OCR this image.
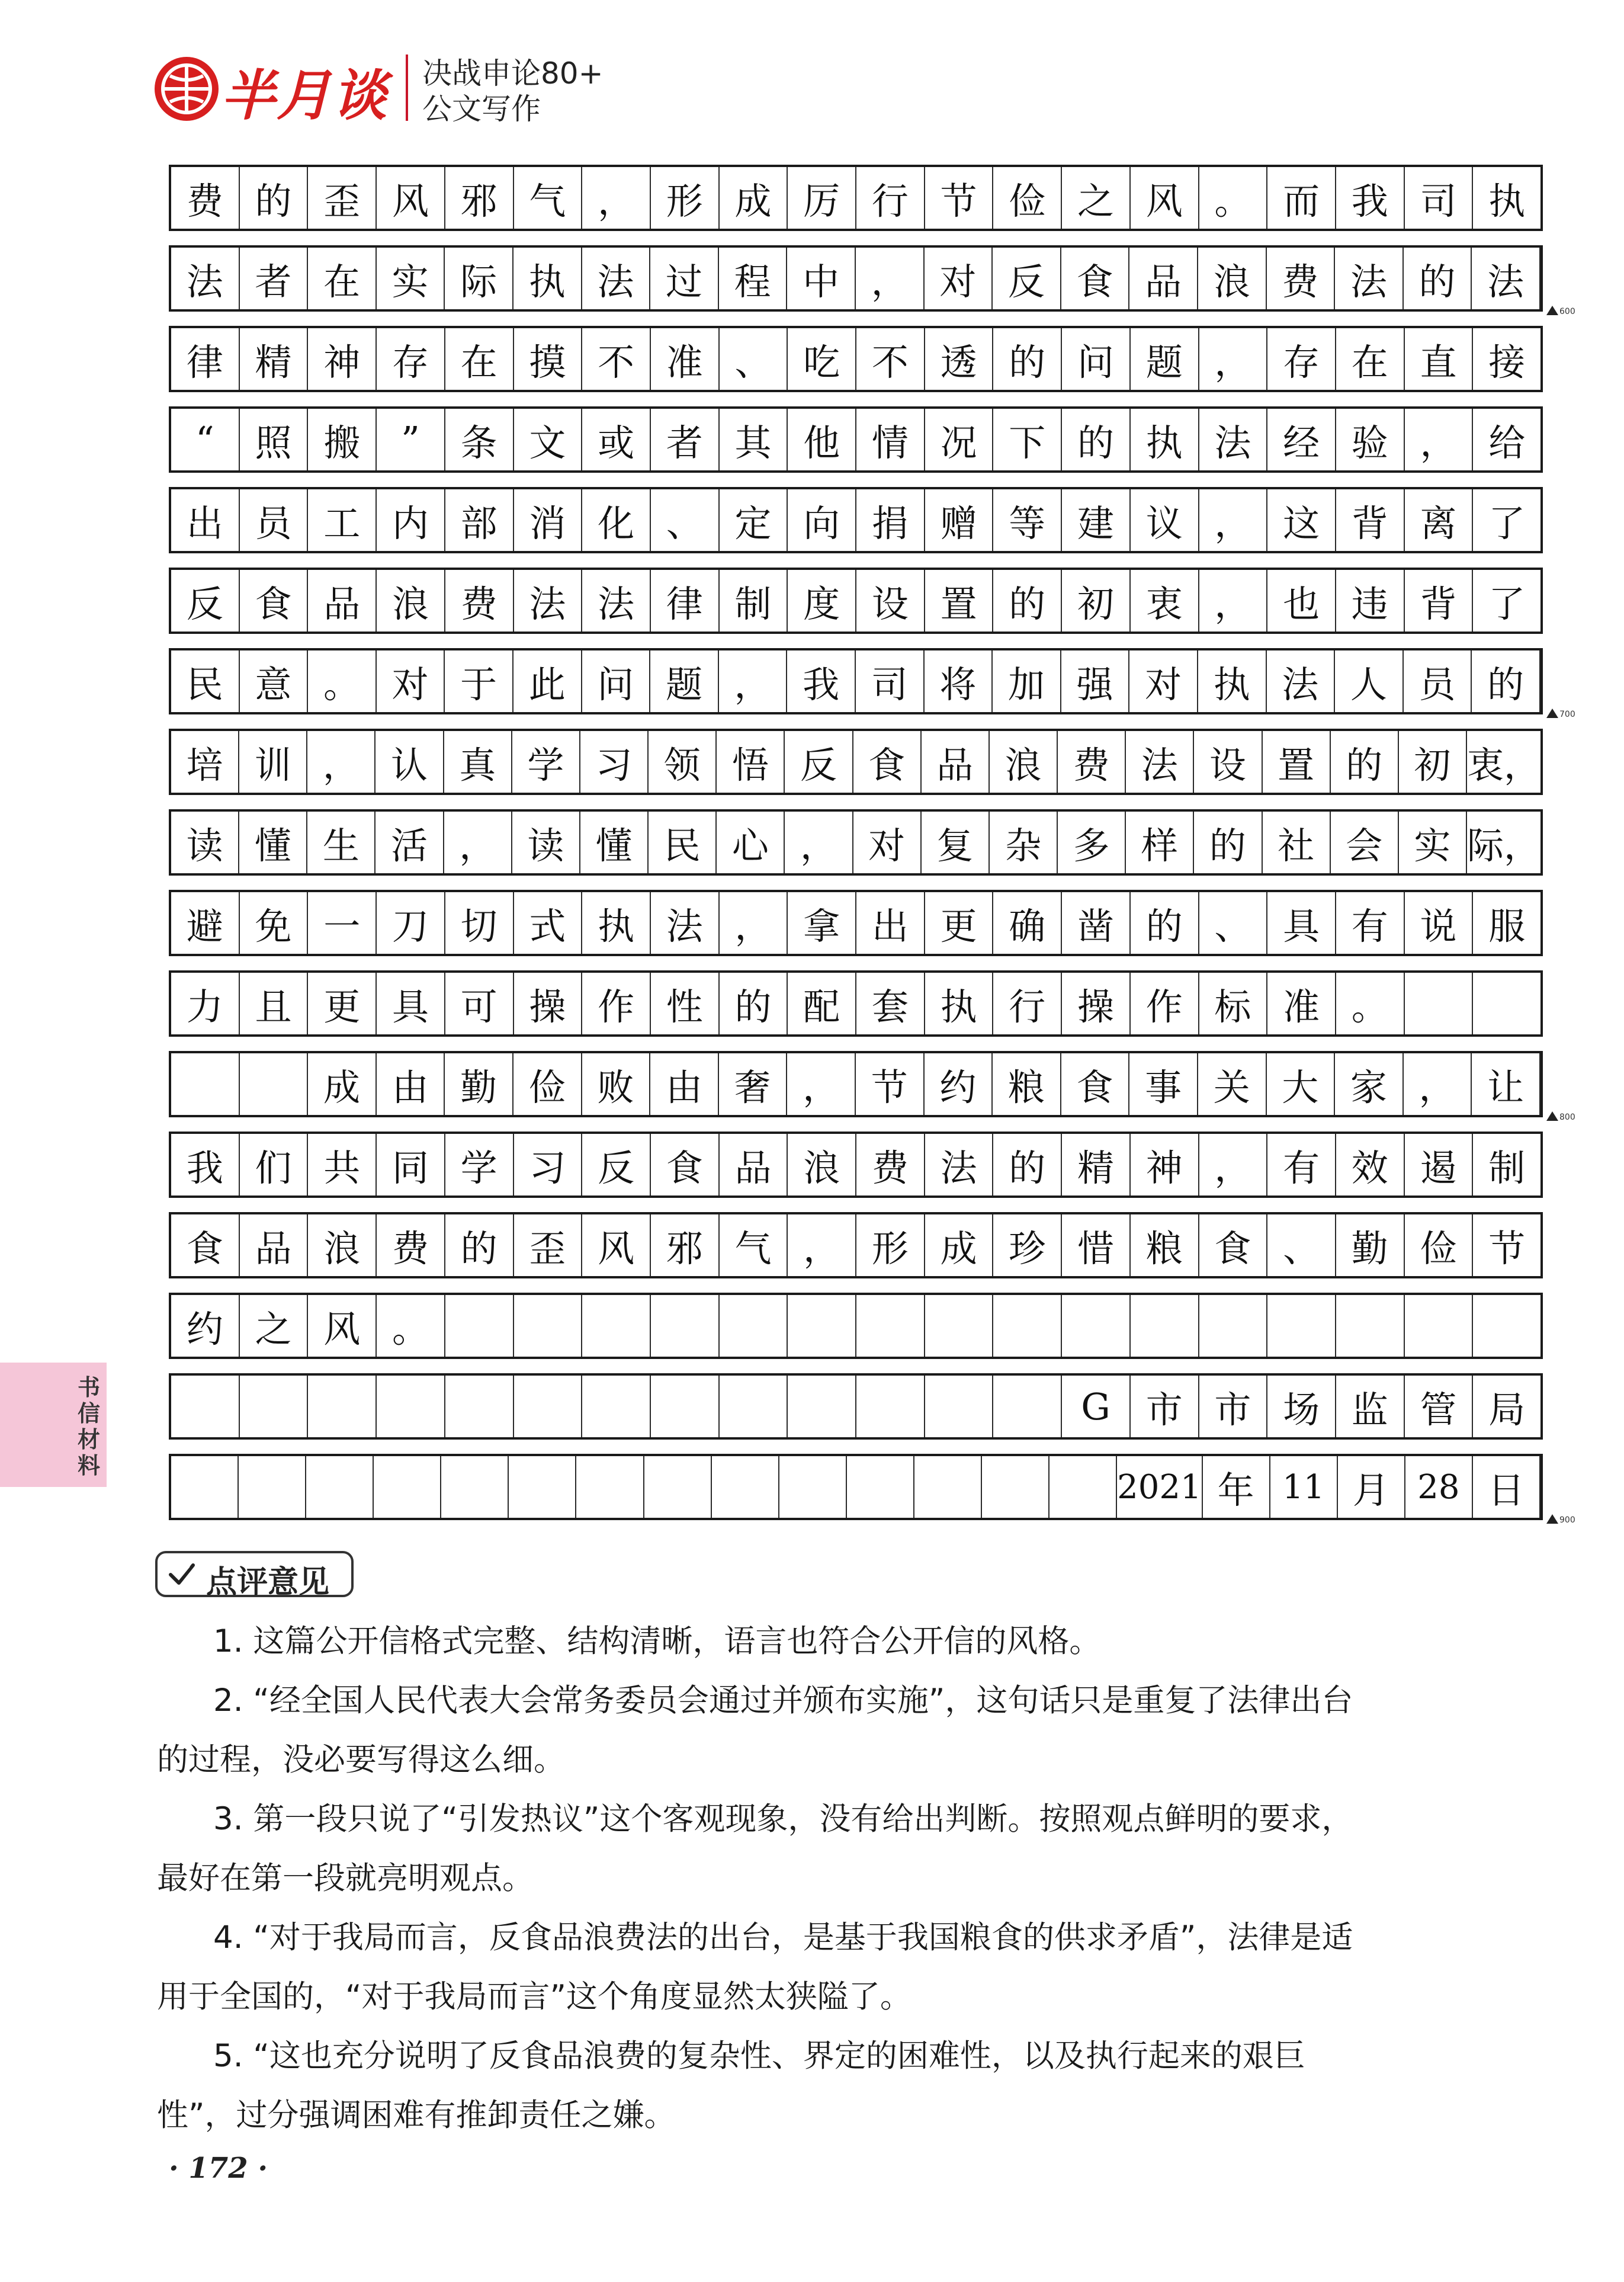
半月谈 决战申论80+
公文写作
费 的 歪 风 邪 气 ， 形 成 厉 行 节 俭 之 风 。 而 我 司 执
法 者 在 实 际 执 法 过 程 中 ， 对 反 食 品 浪 费 法 的 法
600
律 精 神 存 在 摸 不 准 、 吃 不 透 的 问 题 ， 存 在 直 接
“	照 搬	”	条 文 或 者 其 他 情 况 下 的 执 法 经 验 ， 给
出 员 工 内 部 消 化 、 定 向 捐 赠 等 建 议 ， 这 背 离 了
反 食 品 浪 费 法 法 律 制 度 设 置 的 初 衷 ， 也 违 背 了
民 意 。 对 于 此 问 题 ， 我 司 将 加 强 对 执 法 人 员 的
700
培 训 ， 认 真 学 习 领 悟 反 食 品 浪 费 法 设 置 的 初 衷，
读 懂 生 活 ， 读 懂 民 心 ， 对 复 杂 多 样 的 社 会 实 际，
避 免 一 刀 切 式 执 法 ， 拿 出 更 确 凿 的 、 具 有 说 服
力 且 更 具 可 操 作 性 的 配 套 执 行 操 作 标 准 。
成 由 勤 俭 败 由 奢 ， 节 约 粮 食 事 关 大 家 ， 让
800
我 们 共 同 学 习 反 食 品 浪 费 法 的 精 神 ， 有 效 遏 制
食 品 浪 费 的 歪 风 邪 气 ， 形 成 珍 惜 粮 食 、 勤 俭 节
约 之 风 。
G 市 市 场 监 管 局
2021 年 11 月 28 日
900
书信材料
点评意见
1. 这篇公开信格式完整、结构清晰，语言也符合公开信的风格。
2. “经全国人民代表大会常务委员会通过并颁布实施”，这句话只是重复了法律出台
的过程，没必要写得这么细。
3. 第一段只说了“引发热议”这个客观现象，没有给出判断。按照观点鲜明的要求，
最好在第一段就亮明观点。
4. “对于我局而言，反食品浪费法的出台，是基于我国粮食的供求矛盾”，法律是适
用于全国的，“对于我局而言”这个角度显然太狭隘了。
5. “这也充分说明了反食品浪费的复杂性、界定的困难性，以及执行起来的艰巨
性”，过分强调困难有推卸责任之嫌。
· 172 ·
